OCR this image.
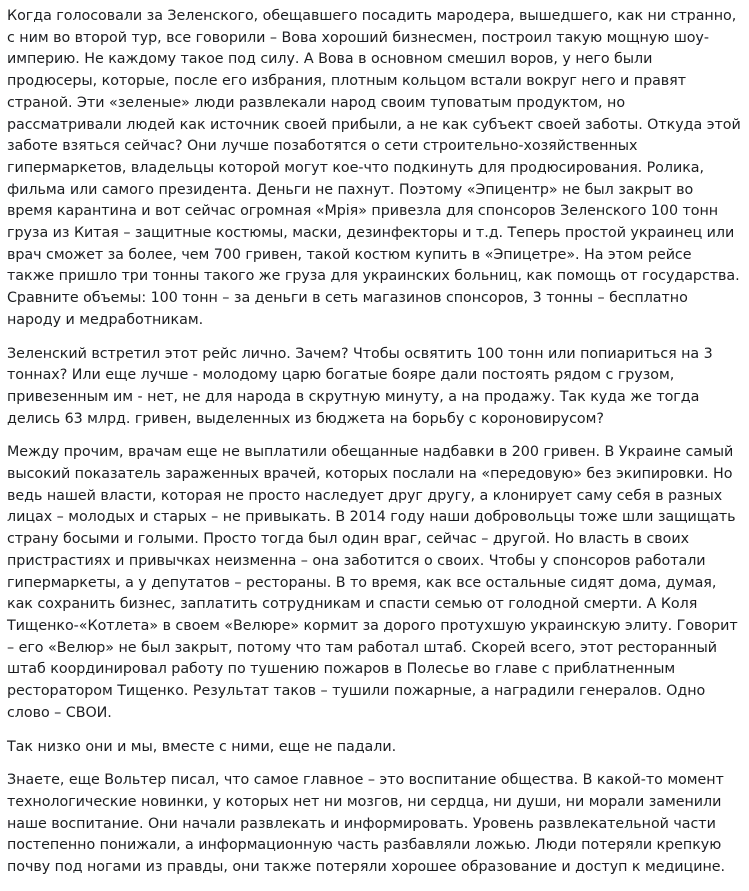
Когда голосовали за Зеленского, обещавшего посадить мародера, вышедшего, как ни странно, с ним во второй тур, все говорили – Вова хороший бизнесмен, построил такую мощную шоу-империю. Не каждому такое под силу. А Вова в основном смешил воров, у него были продюсеры, которые, после его избрания, плотным кольцом встали вокруг него и правят страной. Эти «зеленые» люди развлекали народ своим туповатым продуктом, но рассматривали людей как источник своей прибыли, а не как субъект своей заботы. Откуда этой заботе взяться сейчас? Они лучше позаботятся о сети строительно-хозяйственных гипермаркетов, владельцы которой могут кое-что подкинуть для продюсирования. Ролика, фильма или самого президента. Деньги не пахнут. Поэтому «Эпицентр» не был закрыт во время карантина и вот сейчас огромная «Mрія» привезла для спонсоров Зеленского 100 тонн груза из Китая – защитные костюмы, маски, дезинфекторы и т.д. Теперь простой украинец или врач сможет за более, чем 700 гривен, такой костюм купить в «Эпицетре». На этом рейсе также пришло три тонны такого же груза для украинских больниц, как помощь от государства. Сравните объемы: 100 тонн – за деньги в сеть магазинов спонсоров, 3 тонны – бесплатно народу и медработникам.

Зеленский встретил этот рейс лично. Зачем? Чтобы освятить 100 тонн или попиариться на 3 тоннах? Или еще лучше - молодому царю богатые бояре дали постоять рядом с грузом, привезенным им - нет, не для народа в скрутную минуту, а на продажу. Так куда же тогда делись 63 млрд. гривен, выделенных из бюджета на борьбу с короновирусом?

Между прочим, врачам еще не выплатили обещанные надбавки в 200 гривен. В Украине самый высокий показатель зараженных врачей, которых послали на «передовую» без экипировки. Но ведь нашей власти, которая не просто наследует друг другу, а клонирует саму себя в разных лицах – молодых и старых – не привыкать. В 2014 году наши добровольцы тоже шли защищать страну босыми и голыми. Просто тогда был один враг, сейчас – другой. Но власть в своих пристрастиях и привычках неизменна – она заботится о своих. Чтобы у спонсоров работали гипермаркеты, а у депутатов – рестораны. В то время, как все остальные сидят дома, думая, как сохранить бизнес, заплатить сотрудникам и спасти семью от голодной смерти. А Коля Тищенко-«Котлета» в своем «Велюре» кормит за дорого протухшую украинскую элиту. Говорит – его «Велюр» не был закрыт, потому что там работал штаб. Скорей всего, этот ресторанный штаб координировал работу по тушению пожаров в Полесье во главе с приблатненным ресторатором Тищенко. Результат таков – тушили пожарные, а наградили генералов. Одно слово – СВОИ.

Так низко они и мы, вместе с ними, еще не падали.

Знаете, еще Вольтер писал, что самое главное – это воспитание общества. В какой-то момент технологические новинки, у которых нет ни мозгов, ни сердца, ни души, ни морали заменили наше воспитание. Они начали развлекать и информировать. Уровень развлекательной части постепенно понижали, а информационную часть разбавляли ложью. Люди потеряли крепкую почву под ногами из правды, они также потеряли хорошее образование и доступ к медицине.
